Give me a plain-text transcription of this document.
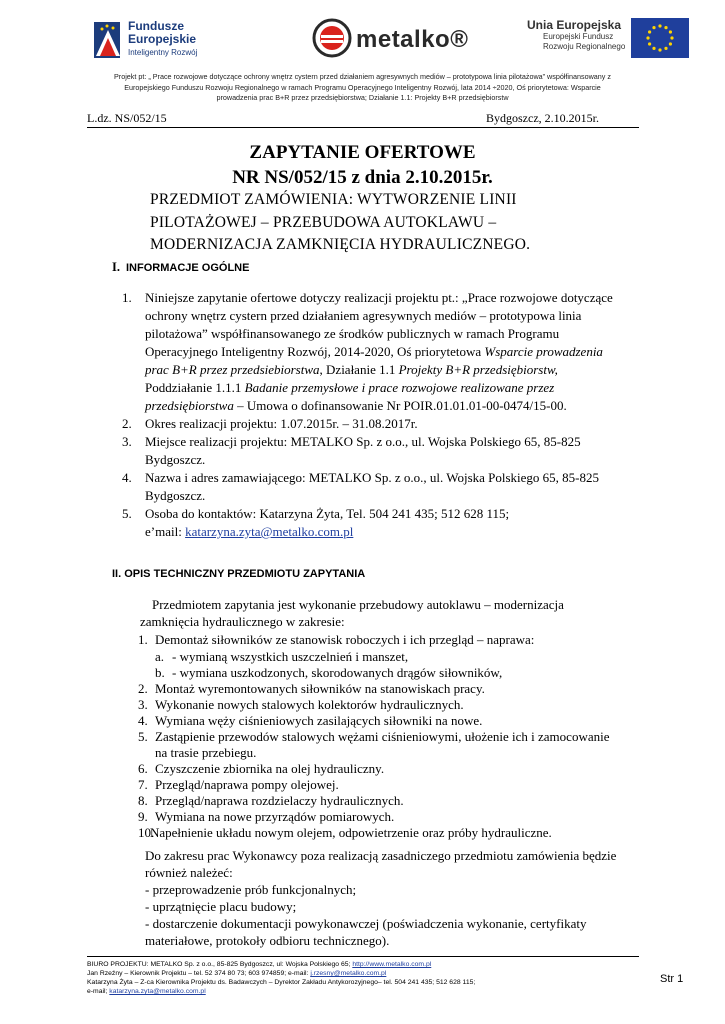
Fundusze
Europejskie
Inteligentny Rozwój	metalko®
Unia Europejska
Europejski Fundusz
Rozwoju Regionalnego
Projekt pt: „ Prace rozwojowe dotyczące ochrony wnętrz cystern przed działaniem agresywnych mediów – prototypowa linia pilotażowa” współfinansowany z
Europejskiego Funduszu Rozwoju Regionalnego w ramach Programu Operacyjnego Inteligentny Rozwój, lata 2014 ÷2020, Oś priorytetowa: Wsparcie
prowadzenia prac B+R przez przedsiębiorstwa; Działanie 1.1: Projekty B+R przedsiębiorstw
L.dz. NS/052/15	Bydgoszcz, 2.10.2015r.
ZAPYTANIE OFERTOWE
NR NS/052/15 z dnia 2.10.2015r.
PRZEDMIOT ZAMÓWIENIA: WYTWORZENIE LINII
PILOTAŻOWEJ – PRZEBUDOWA AUTOKLAWU –
MODERNIZACJA ZAMKNIĘCIA HYDRAULICZNEGO.
I. INFORMACJE OGÓLNE
1. Niniejsze zapytanie ofertowe dotyczy realizacji projektu pt.: „Prace rozwojowe dotyczące
ochrony wnętrz cystern przed działaniem agresywnych mediów – prototypowa linia
pilotażowa” współfinansowanego ze środków publicznych w ramach Programu
Operacyjnego Inteligentny Rozwój, 2014-2020, Oś priorytetowa Wsparcie prowadzenia
prac B+R przez przedsiebiorstwa, Działanie 1.1 Projekty B+R przedsiębiorstw,
Poddziałanie 1.1.1 Badanie przemysłowe i prace rozwojowe realizowane przez
przedsiębiorstwa – Umowa o dofinansowanie Nr POIR.01.01.01-00-0474/15-00.
2. Okres realizacji projektu: 1.07.2015r. – 31.08.2017r.
3. Miejsce realizacji projektu: METALKO Sp. z o.o., ul. Wojska Polskiego 65, 85-825
Bydgoszcz.
4. Nazwa i adres zamawiającego: METALKO Sp. z o.o., ul. Wojska Polskiego 65, 85-825
Bydgoszcz.
5. Osoba do kontaktów: Katarzyna Żyta, Tel. 504 241 435; 512 628 115;
e’mail: katarzyna.zyta@metalko.com.pl
II. OPIS TECHNICZNY PRZEDMIOTU ZAPYTANIA
Przedmiotem zapytania jest wykonanie przebudowy autoklawu – modernizacja
zamknięcia hydraulicznego w zakresie:
1. Demontaż siłowników ze stanowisk roboczych i ich przegląd – naprawa:
a. - wymianą wszystkich uszczelnień i manszet,
b. - wymiana uszkodzonych, skorodowanych drągów siłowników,
2. Montaż wyremontowanych siłowników na stanowiskach pracy.
3. Wykonanie nowych stalowych kolektorów hydraulicznych.
4. Wymiana węży ciśnieniowych zasilających siłowniki na nowe.
5. Zastąpienie przewodów stalowych wężami ciśnieniowymi, ułożenie ich i zamocowanie
na trasie przebiegu.
6. Czyszczenie zbiornika na olej hydrauliczny.
7. Przegląd/naprawa pompy olejowej.
8. Przegląd/naprawa rozdzielaczy hydraulicznych.
9. Wymiana na nowe przyrządów pomiarowych.
10.
Napełnienie układu nowym olejem, odpowietrzenie oraz próby hydrauliczne.
Do zakresu prac Wykonawcy poza realizacją zasadniczego przedmiotu zamówienia będzie
również należeć:
- przeprowadzenie prób funkcjonalnych;
- uprzątnięcie placu budowy;
- dostarczenie dokumentacji powykonawczej (poświadczenia wykonanie, certyfikaty
materiałowe, protokoły odbioru technicznego).
BIURO PROJEKTU: METALKO Sp. z o.o., 85-825 Bydgoszcz, ul: Wojska Polskiego 65; http://www.metalko.com.pl
Jan Rzeźny – Kierownik Projektu – tel. 52 374 80 73; 603 974859; e-mail: j.rzesny@metalko.com.pl
Katarzyna Żyta – Z-ca Kierownika Projektu ds. Badawczych – Dyrektor Zakładu Antykorozyjnego– tel. 504 241 435; 512 628 115;
e-mail; katarzyna.zyta@metalko.com.pl
Str 1
